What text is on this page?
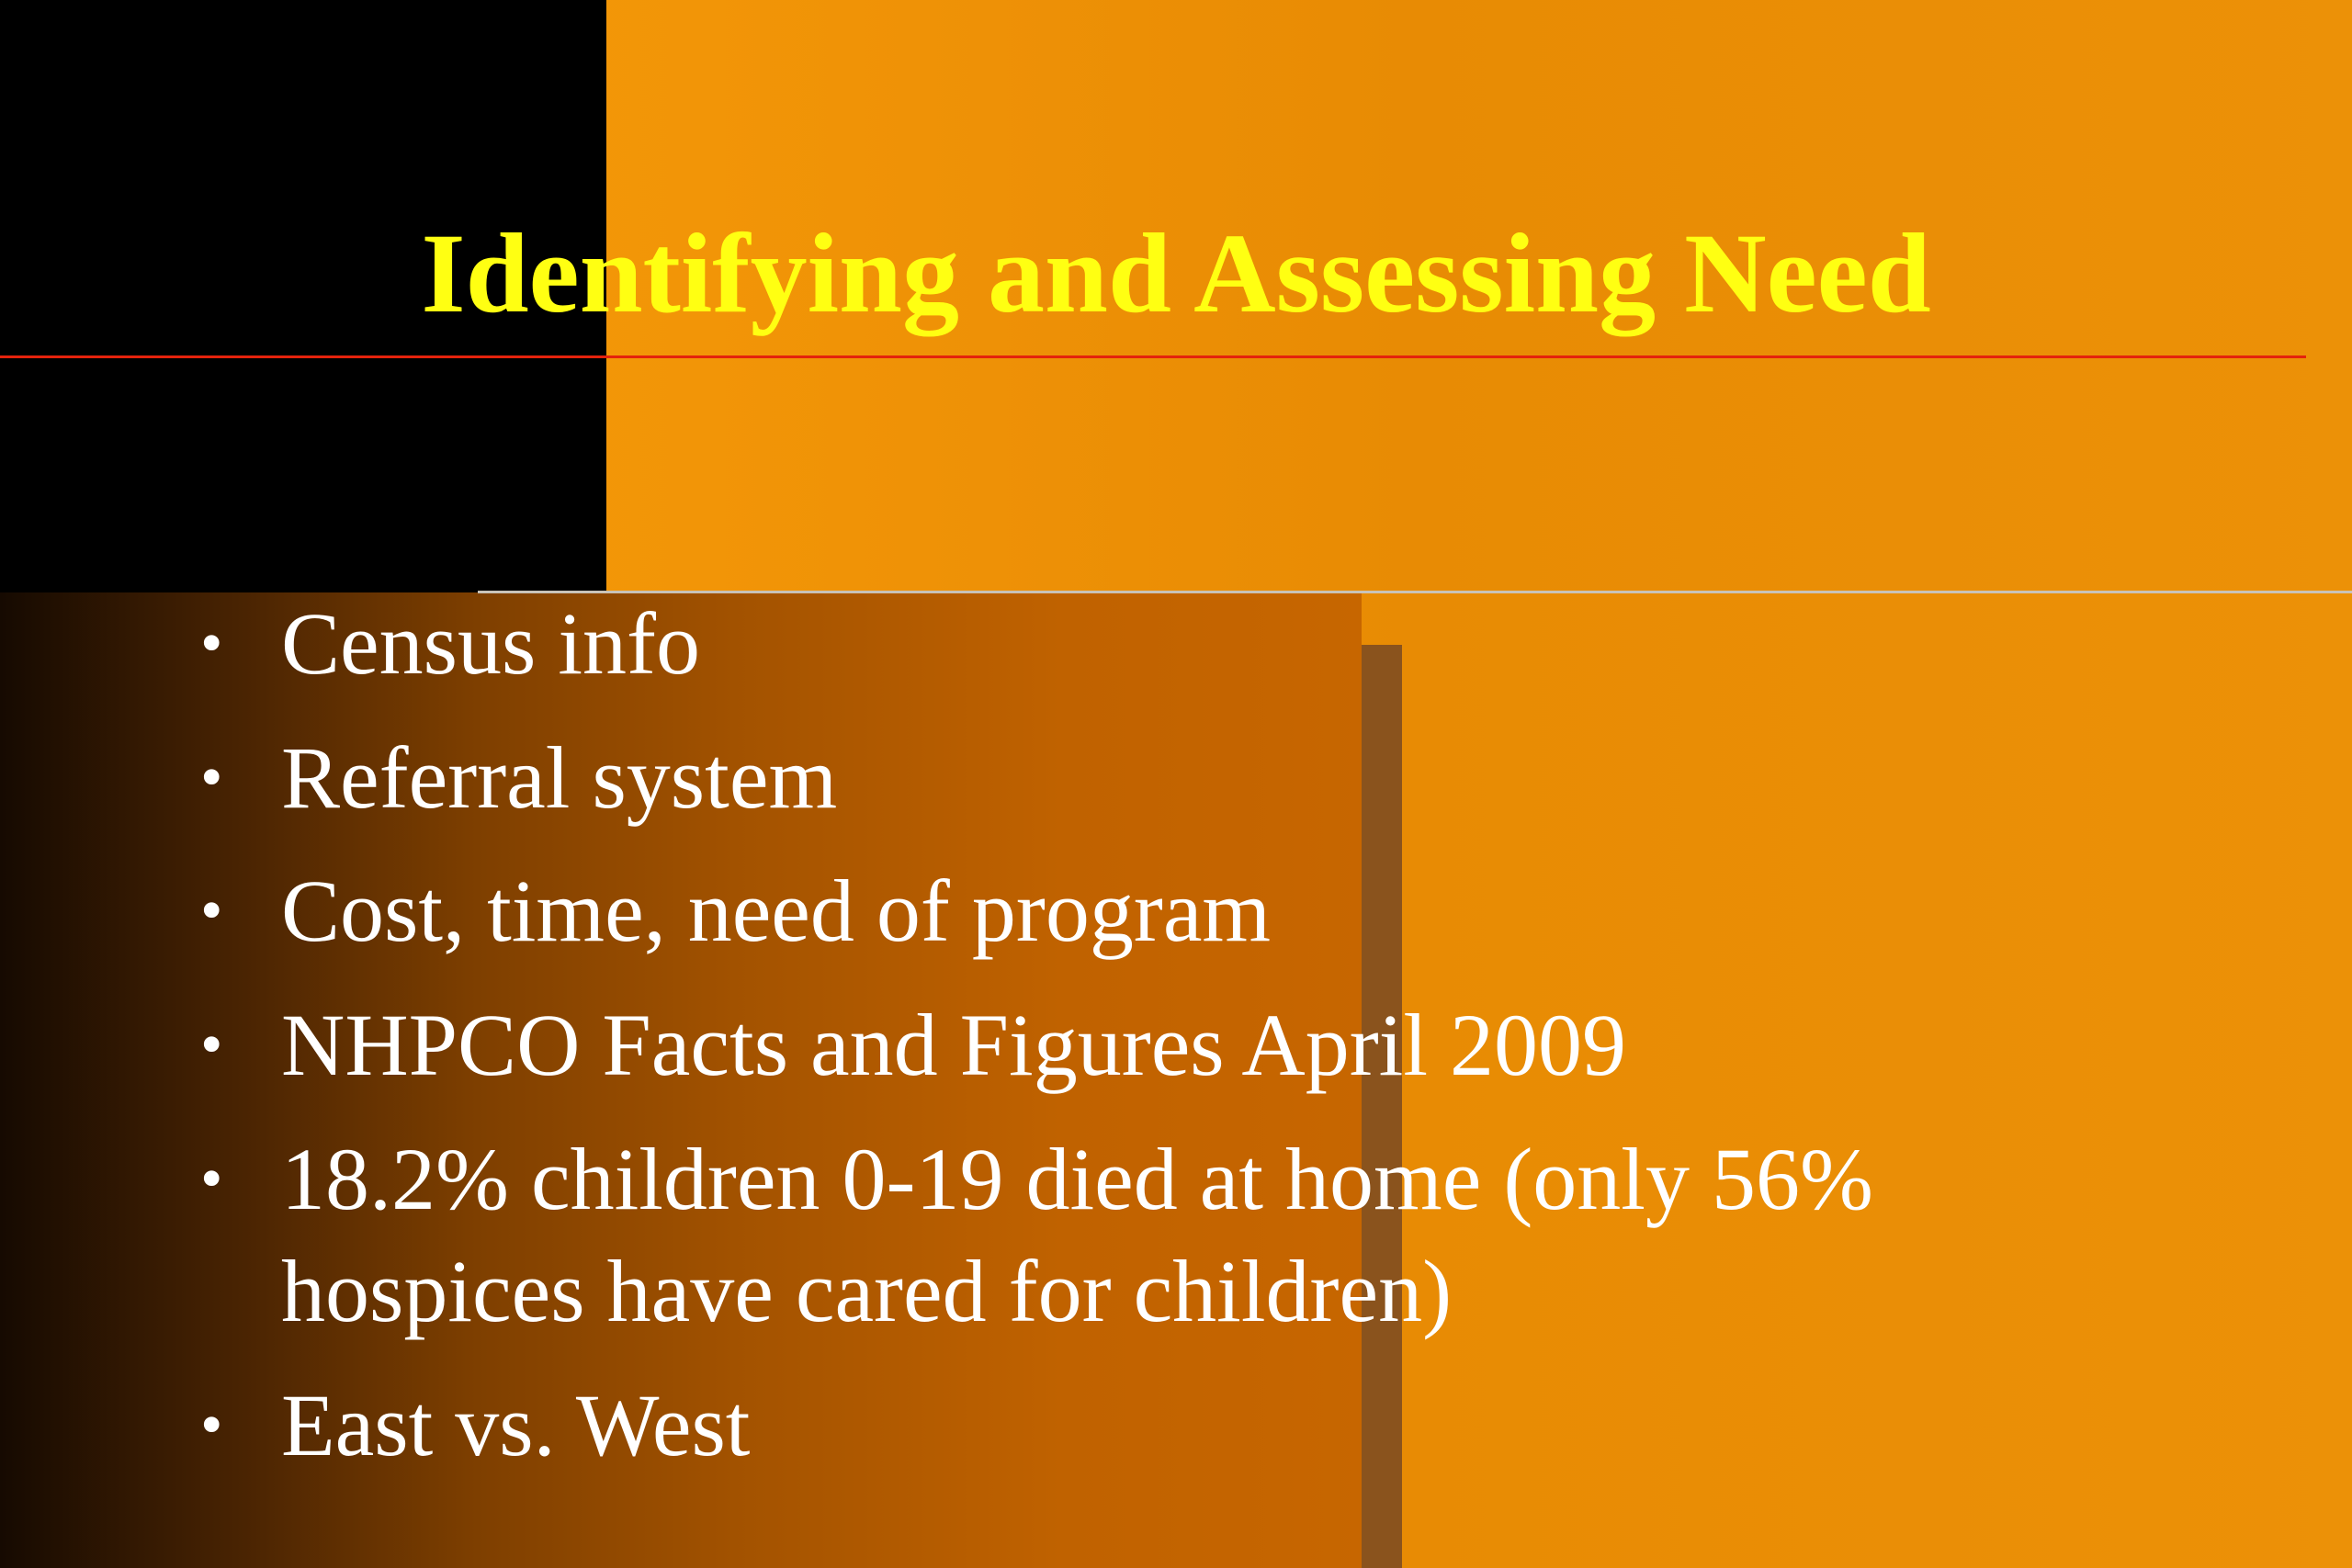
Identifying and Assessing Need
• Census info
• Referral system
• Cost, time, need of program
• NHPCO Facts and Figures April 2009
• 18.2% children 0-19 died at home (only 56%
hospices have cared for children)
• East vs. West
